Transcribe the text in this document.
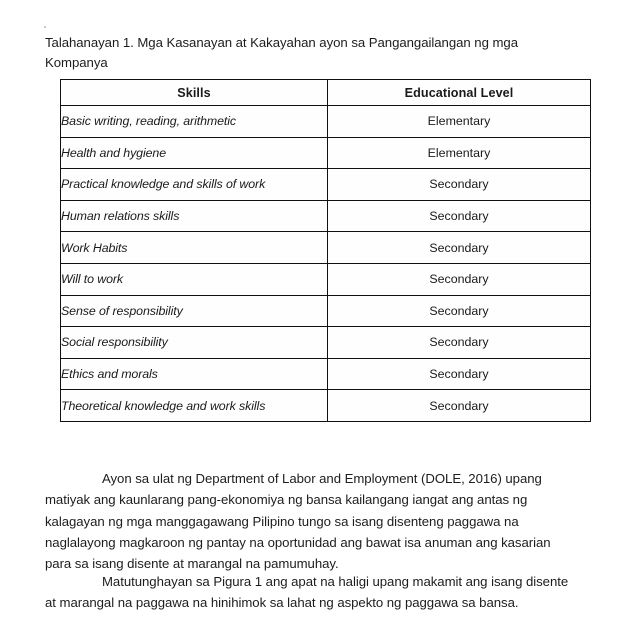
Talahanayan 1. Mga Kasanayan at Kakayahan ayon sa Pangangailangan ng mga Kompanya
Skills	Educational Level
Basic writing, reading, arithmetic	Elementary
Health and hygiene	Elementary
Practical knowledge and skills of work	Secondary
Human relations skills	Secondary
Work Habits	Secondary
Will to work	Secondary
Sense of responsibility	Secondary
Social responsibility	Secondary
Ethics and morals	Secondary
Theoretical knowledge and work skills	Secondary

Ayon sa ulat ng Department of Labor and Employment (DOLE, 2016) upang matiyak ang kaunlarang pang-ekonomiya ng bansa kailangang iangat ang antas ng kalagayan ng mga manggagawang Pilipino tungo sa isang disenteng paggawa na naglalayong magkaroon ng pantay na oportunidad ang bawat isa anuman ang kasarian para sa isang disente at marangal na pamumuhay.

Matutunghayan sa Pigura 1 ang apat na haligi upang makamit ang isang disente at marangal na paggawa na hinihimok sa lahat ng aspekto ng paggawa sa bansa.
